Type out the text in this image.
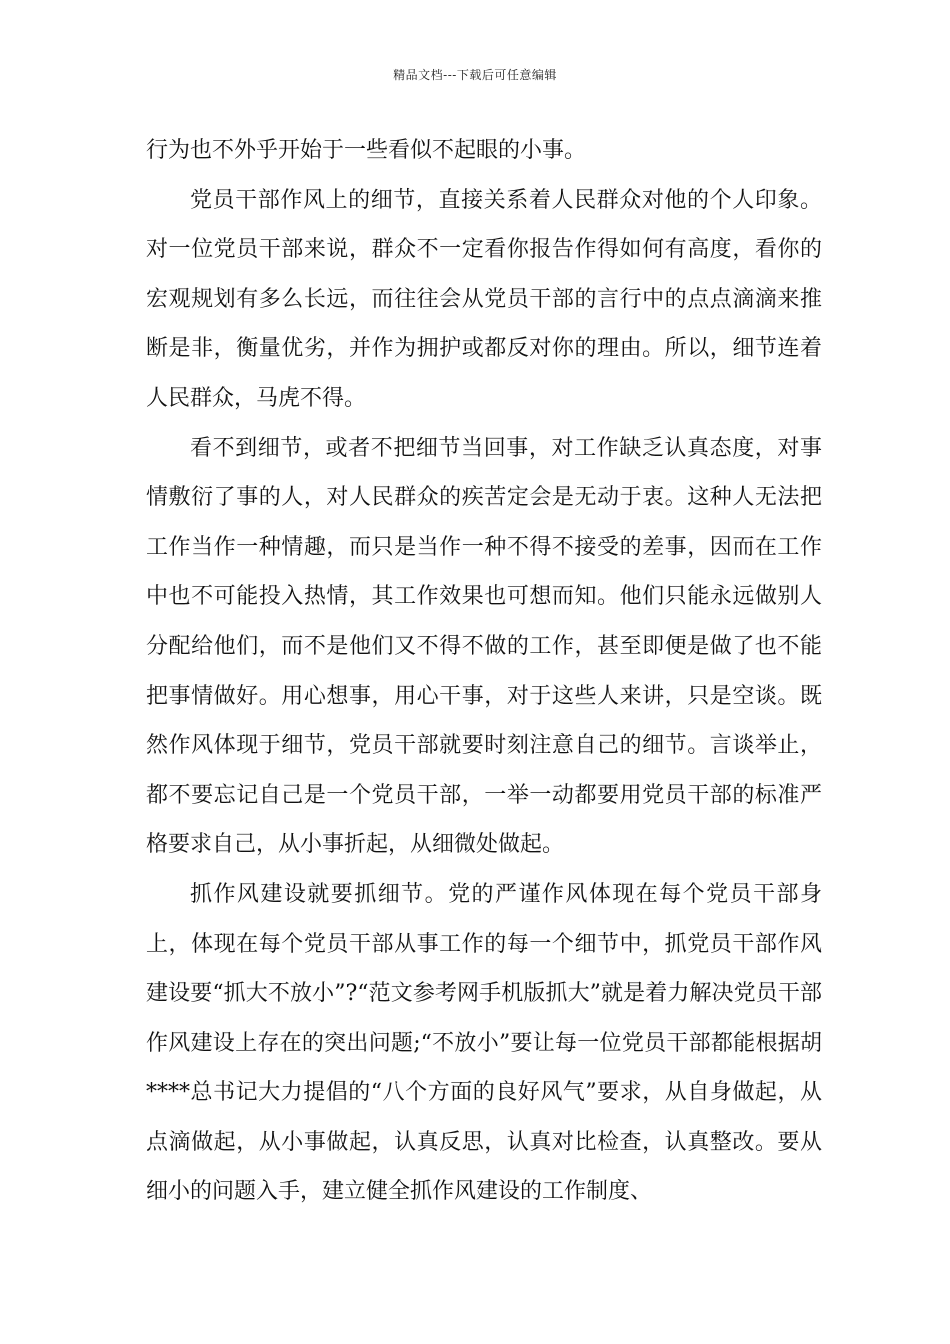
精品文档---下载后可任意编辑

行为也不外乎开始于一些看似不起眼的小事。

党员干部作风上的细节，直接关系着人民群众对他的个人印象。对一位党员干部来说，群众不一定看你报告作得如何有高度，看你的宏观规划有多么长远，而往往会从党员干部的言行中的点点滴滴来推断是非，衡量优劣，并作为拥护或都反对你的理由。所以，细节连着人民群众，马虎不得。

看不到细节，或者不把细节当回事，对工作缺乏认真态度，对事情敷衍了事的人，对人民群众的疾苦定会是无动于衷。这种人无法把工作当作一种情趣，而只是当作一种不得不接受的差事，因而在工作中也不可能投入热情，其工作效果也可想而知。他们只能永远做别人分配给他们，而不是他们又不得不做的工作，甚至即便是做了也不能把事情做好。用心想事，用心干事，对于这些人来讲，只是空谈。既然作风体现于细节，党员干部就要时刻注意自己的细节。言谈举止，都不要忘记自己是一个党员干部，一举一动都要用党员干部的标准严格要求自己，从小事折起，从细微处做起。

抓作风建设就要抓细节。党的严谨作风体现在每个党员干部身上，体现在每个党员干部从事工作的每一个细节中，抓党员干部作风建设要“抓大不放小”?“范文参考网手机版抓大”就是着力解决党员干部作风建设上存在的突出问题;“不放小”要让每一位党员干部都能根据胡****总书记大力提倡的“八个方面的良好风气”要求，从自身做起，从点滴做起，从小事做起，认真反思，认真对比检查，认真整改。要从细小的问题入手，建立健全抓作风建设的工作制度、
